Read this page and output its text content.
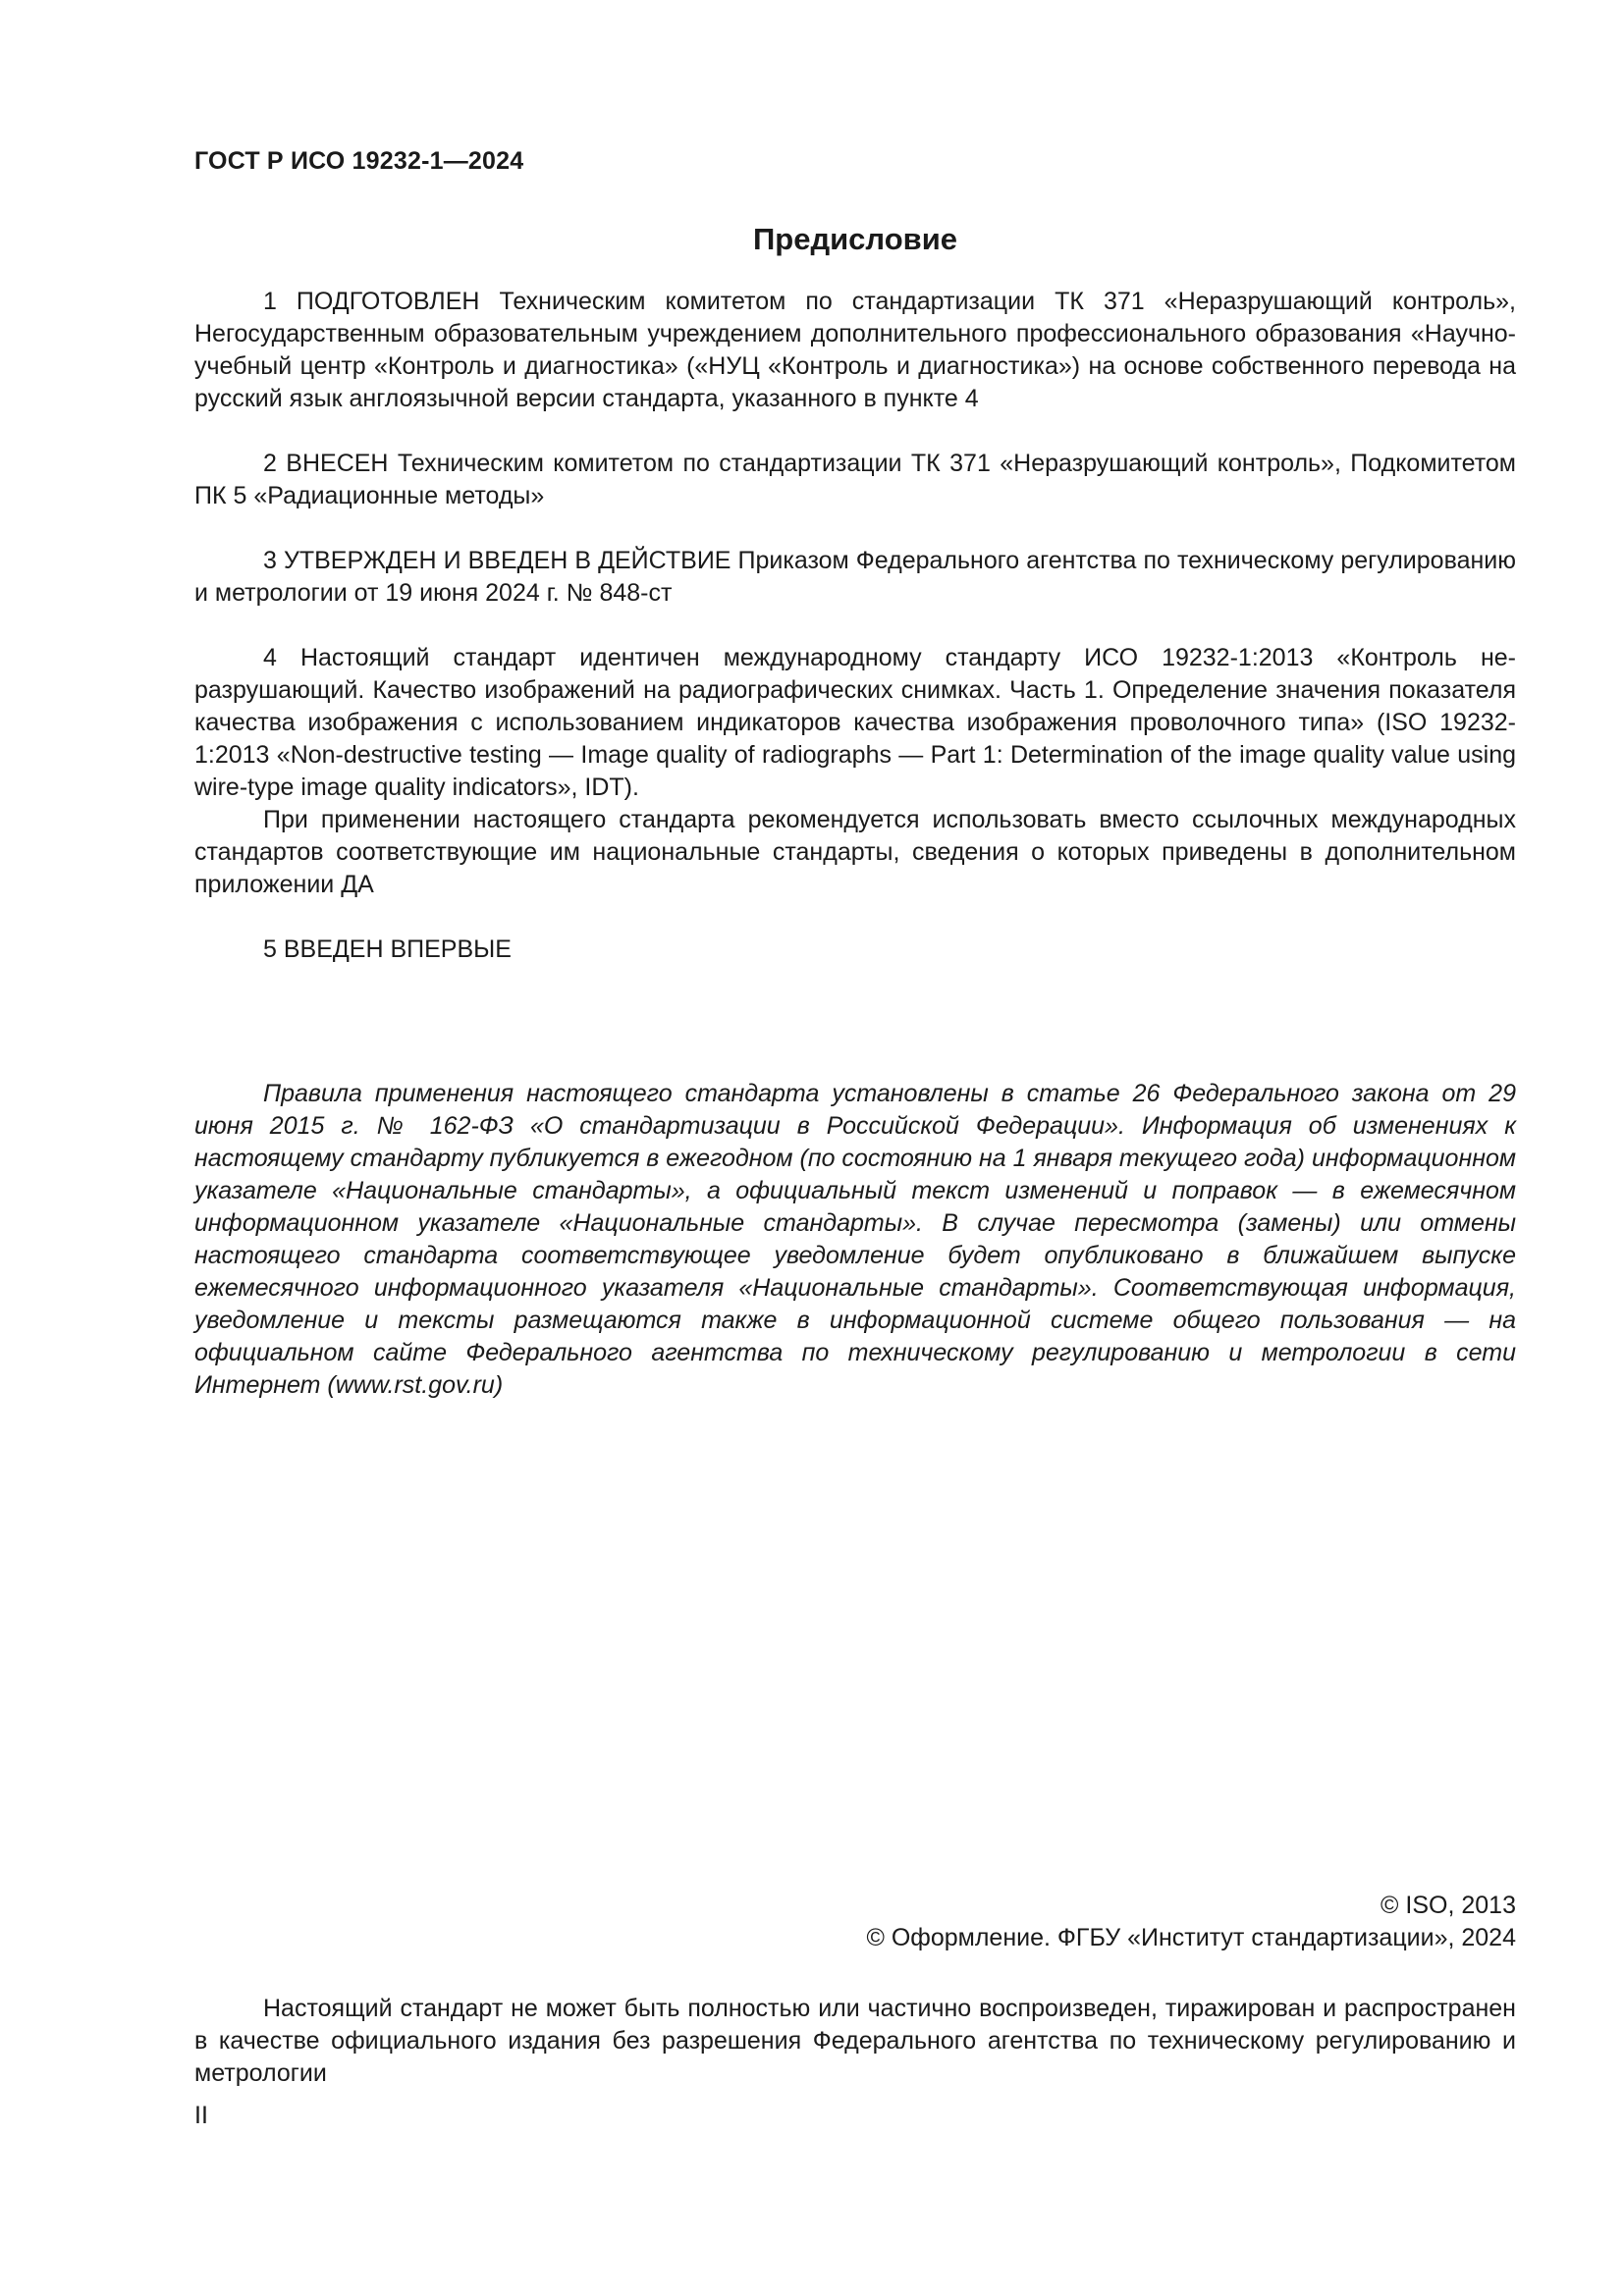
ГОСТ Р ИСО 19232-1—2024
Предисловие

1 ПОДГОТОВЛЕН Техническим комитетом по стандартизации ТК 371 «Неразрушающий контроль», Негосударственным образовательным учреждением дополнительного профессионального образования «Научно-учебный центр «Контроль и диагностика» («НУЦ «Контроль и диагностика») на основе собственного перевода на русский язык англоязычной версии стандарта, указанного в пункте 4

2 ВНЕСЕН Техническим комитетом по стандартизации ТК 371 «Неразрушающий контроль», Подкомитетом ПК 5 «Радиационные методы»

3 УТВЕРЖДЕН И ВВЕДЕН В ДЕЙСТВИЕ Приказом Федерального агентства по техническому регулированию и метрологии от 19 июня 2024 г. № 848-ст

4 Настоящий стандарт идентичен международному стандарту ИСО 19232-1:2013 «Контроль неразрушающий. Качество изображений на радиографических снимках. Часть 1. Определение значения показателя качества изображения с использованием индикаторов качества изображения проволочного типа» (ISO 19232-1:2013 «Non-destructive testing — Image quality of radiographs — Part 1: Determination of the image quality value using wire-type image quality indicators», IDT).

При применении настоящего стандарта рекомендуется использовать вместо ссылочных международных стандартов соответствующие им национальные стандарты, сведения о которых приведены в дополнительном приложении ДА

5 ВВЕДЕН ВПЕРВЫЕ

Правила применения настоящего стандарта установлены в статье 26 Федерального закона от 29 июня 2015 г. № 162-ФЗ «О стандартизации в Российской Федерации». Информация об изменениях к настоящему стандарту публикуется в ежегодном (по состоянию на 1 января текущего года) информационном указателе «Национальные стандарты», а официальный текст изменений и поправок — в ежемесячном информационном указателе «Национальные стандарты». В случае пересмотра (замены) или отмены настоящего стандарта соответствующее уведомление будет опубликовано в ближайшем выпуске ежемесячного информационного указателя «Национальные стандарты». Соответствующая информация, уведомление и тексты размещаются также в информационной системе общего пользования — на официальном сайте Федерального агентства по техническому регулированию и метрологии в сети Интернет (www.rst.gov.ru)

© ISO, 2013
© Оформление. ФГБУ «Институт стандартизации», 2024

Настоящий стандарт не может быть полностью или частично воспроизведен, тиражирован и распространен в качестве официального издания без разрешения Федерального агентства по техническому регулированию и метрологии

II
